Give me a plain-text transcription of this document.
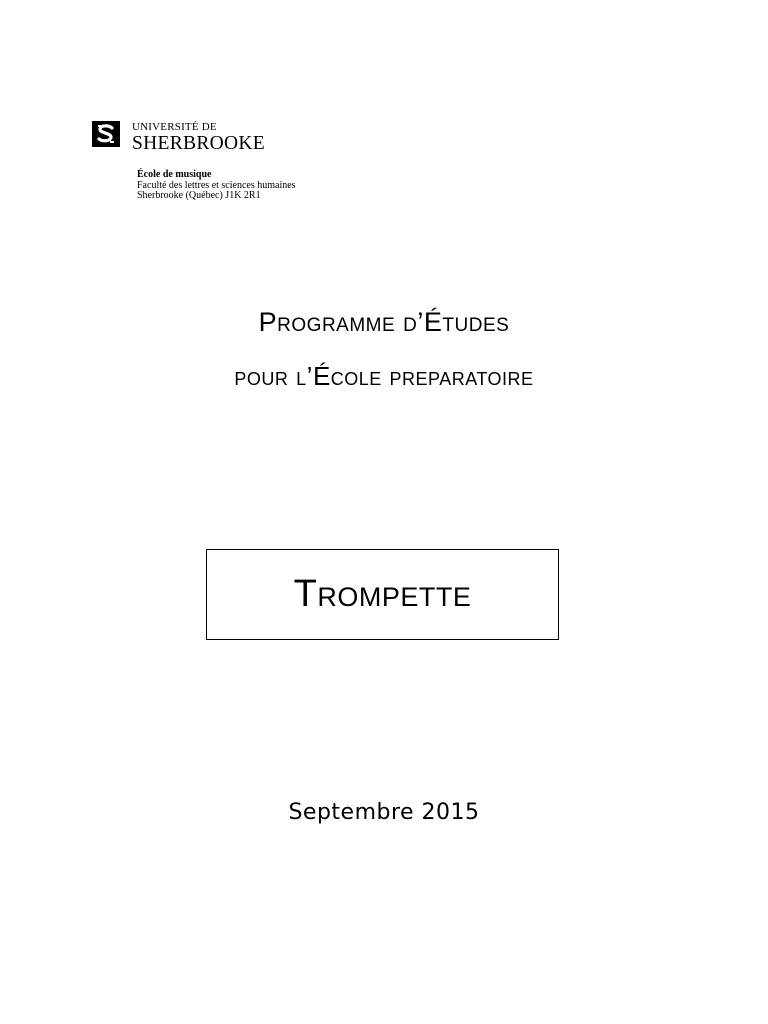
UNIVERSITÉ DE
SHERBROOKE
École de musique
Faculté des lettres et sciences humaines
Sherbrooke (Québec) J1K 2R1
Programme d’Études
pour l’École preparatoire
Trompette
Septembre 2015
